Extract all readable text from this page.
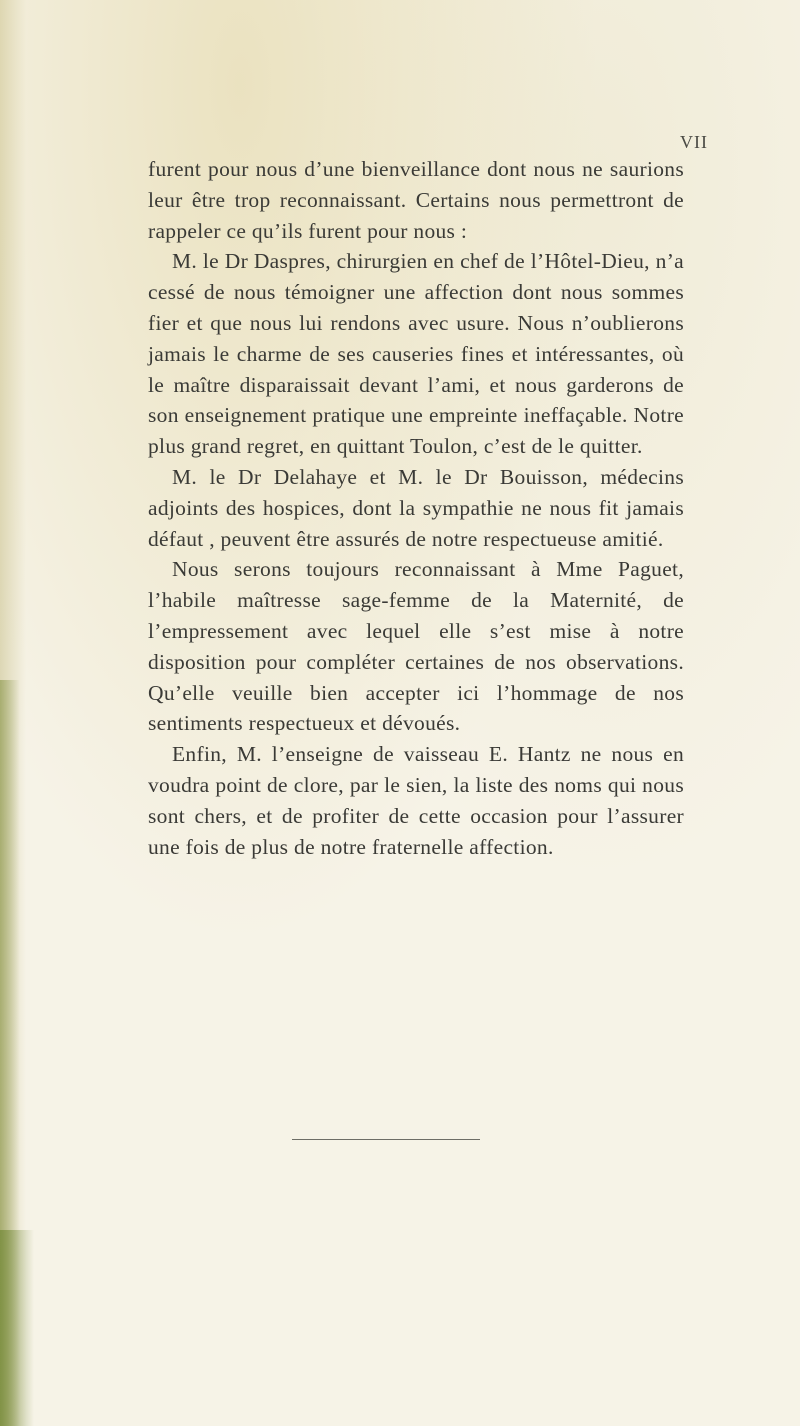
VII

furent pour nous d’une bienveillance dont nous ne saurions leur être trop reconnaissant. Certains nous permettront de rappeler ce qu’ils furent pour nous :

M. le Dr Daspres, chirurgien en chef de l’Hôtel-Dieu, n’a cessé de nous témoigner une affection dont nous sommes fier et que nous lui rendons avec usure. Nous n’oublierons jamais le charme de ses causeries fines et intéressantes, où le maître disparaissait devant l’ami, et nous garderons de son enseignement pratique une empreinte ineffaçable. Notre plus grand regret, en quittant Toulon, c’est de le quitter.

M. le Dr Delahaye et M. le Dr Bouisson, médecins adjoints des hospices, dont la sympathie ne nous fit jamais défaut , peuvent être assurés de notre respectueuse amitié.

Nous serons toujours reconnaissant à Mme Paguet, l’habile maîtresse sage-femme de la Maternité, de l’empressement avec lequel elle s’est mise à notre disposition pour compléter certaines de nos observations. Qu’elle veuille bien accepter ici l’hommage de nos sentiments respectueux et dévoués.

Enfin, M. l’enseigne de vaisseau E. Hantz ne nous en voudra point de clore, par le sien, la liste des noms qui nous sont chers, et de profiter de cette occasion pour l’assurer une fois de plus de notre fraternelle affection.
